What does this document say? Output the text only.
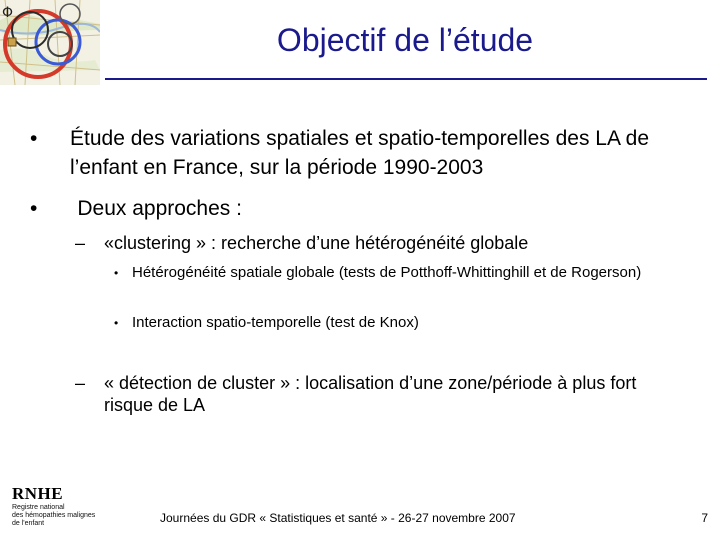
Φ
Objectif de l’étude
• Étude des variations spatiales et spatio-temporelles des LA de l’enfant en France, sur la période 1990-2003
• Deux approches :
– «clustering » : recherche d’une hétérogénéité globale
• Hétérogénéité spatiale globale (tests de Potthoff-Whittinghill et de Rogerson)
• Interaction spatio-temporelle (test de Knox)
– « détection de cluster » : localisation d’une zone/période à plus fort risque de LA
RNHE
Registre national
des hémopathies malignes
de l'enfant	Journées du GDR « Statistiques et santé » - 26-27 novembre 2007	7
